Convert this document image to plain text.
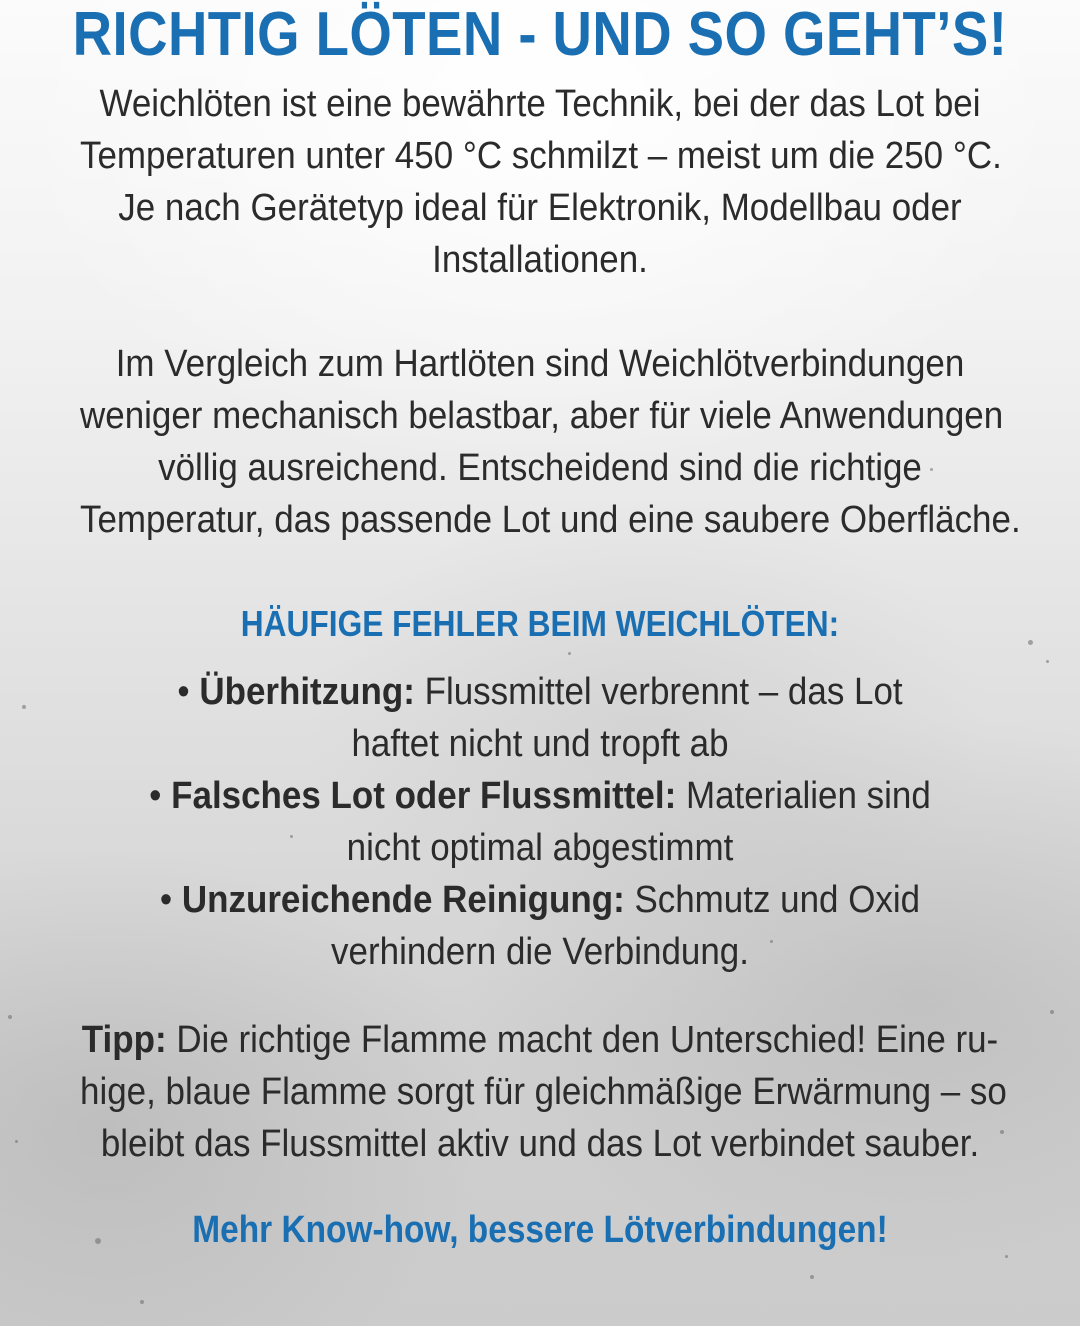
RICHTIG LÖTEN - UND SO GEHT’S!

Weichlöten ist eine bewährte Technik, bei der das Lot bei
Temperaturen unter 450 °C schmilzt – meist um die 250 °C.
Je nach Gerätetyp ideal für Elektronik, Modellbau oder
Installationen.

Im Vergleich zum Hartlöten sind Weichlötverbindungen
weniger mechanisch belastbar, aber für viele Anwendungen
völlig ausreichend. Entscheidend sind die richtige
Temperatur, das passende Lot und eine saubere Oberfläche.

HÄUFIGE FEHLER BEIM WEICHLÖTEN:
• Überhitzung: Flussmittel verbrennt – das Lot
haftet nicht und tropft ab
• Falsches Lot oder Flussmittel: Materialien sind
nicht optimal abgestimmt
• Unzureichende Reinigung: Schmutz und Oxid
verhindern die Verbindung.

Tipp: Die richtige Flamme macht den Unterschied! Eine ru-
hige, blaue Flamme sorgt für gleichmäßige Erwärmung – so
bleibt das Flussmittel aktiv und das Lot verbindet sauber.

Mehr Know-how, bessere Lötverbindungen!
